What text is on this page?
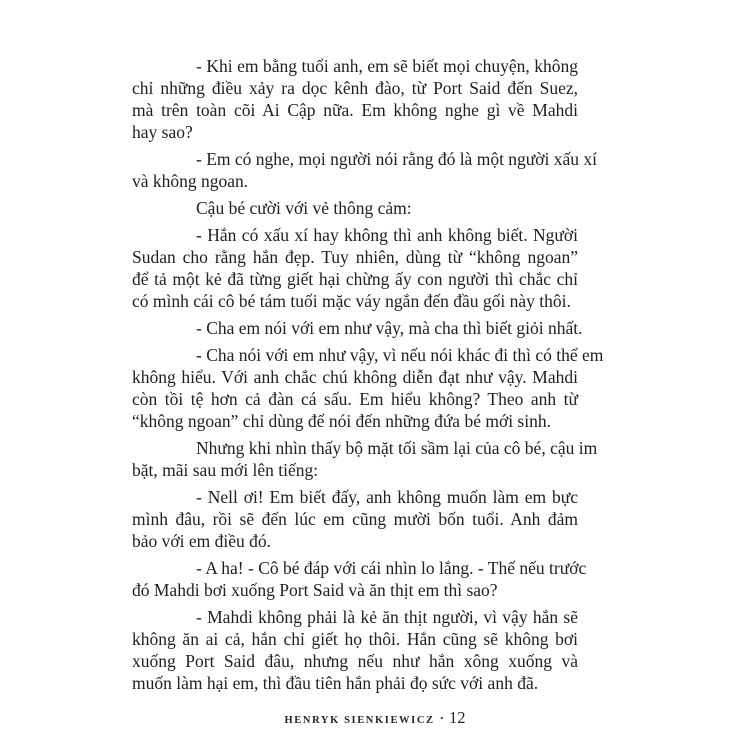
- Khi em bằng tuổi anh, em sẽ biết mọi chuyện, không
chỉ những điều xảy ra dọc kênh đào, từ Port Said đến Suez,
mà trên toàn cõi Ai Cập nữa. Em không nghe gì về Mahdi
hay sao?
- Em có nghe, mọi người nói rằng đó là một người xấu xí
và không ngoan.
Cậu bé cười với vẻ thông cảm:
- Hắn có xấu xí hay không thì anh không biết. Người
Sudan cho rằng hắn đẹp. Tuy nhiên, dùng từ “không ngoan”
để tả một kẻ đã từng giết hại chừng ấy con người thì chắc chỉ
có mình cái cô bé tám tuổi mặc váy ngắn đến đầu gối này thôi.
- Cha em nói với em như vậy, mà cha thì biết giỏi nhất.
- Cha nói với em như vậy, vì nếu nói khác đi thì có thể em
không hiểu. Với anh chắc chú không diễn đạt như vậy. Mahdi
còn tồi tệ hơn cả đàn cá sấu. Em hiểu không? Theo anh từ
“không ngoan” chỉ dùng để nói đến những đứa bé mới sinh.
Nhưng khi nhìn thấy bộ mặt tối sầm lại của cô bé, cậu im
bặt, mãi sau mới lên tiếng:
- Nell ơi! Em biết đấy, anh không muốn làm em bực
mình đâu, rồi sẽ đến lúc em cũng mười bốn tuổi. Anh đảm
bảo với em điều đó.
- A ha! - Cô bé đáp với cái nhìn lo lắng. - Thế nếu trước
đó Mahdi bơi xuống Port Said và ăn thịt em thì sao?
- Mahdi không phải là kẻ ăn thịt người, vì vậy hắn sẽ
không ăn ai cả, hắn chỉ giết họ thôi. Hắn cũng sẽ không bơi
xuống Port Said đâu, nhưng nếu như hắn xông xuống và
muốn làm hại em, thì đầu tiên hắn phải đọ sức với anh đã.
HENRYK SIENKIEWICZ · 12
